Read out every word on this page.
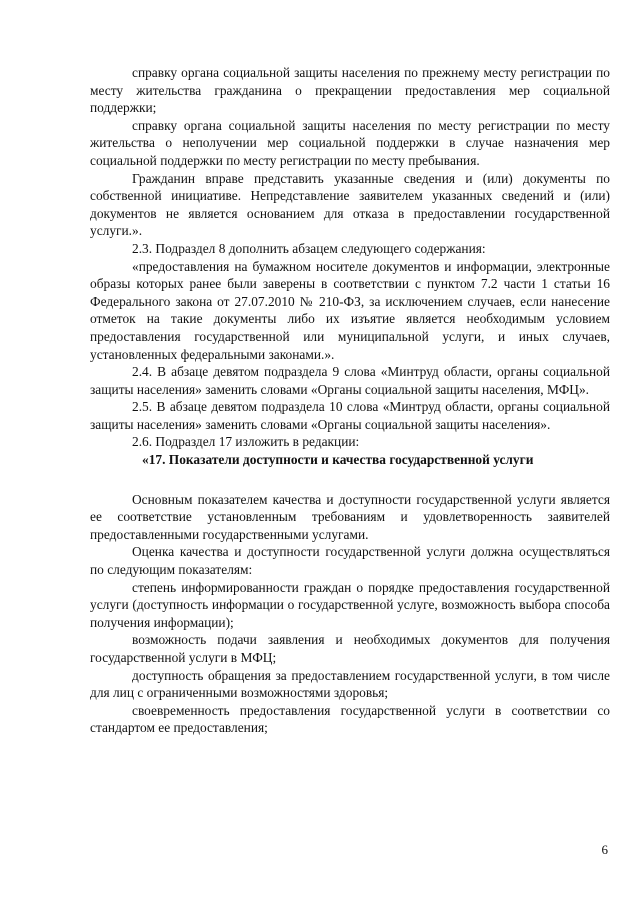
справку органа социальной защиты населения по прежнему месту регистрации по месту жительства гражданина о прекращении предоставления мер социальной поддержки;

справку органа социальной защиты населения по месту регистрации по месту жительства о неполучении мер социальной поддержки в случае назначения мер социальной поддержки по месту регистрации по месту пребывания.

Гражданин вправе представить указанные сведения и (или) документы по собственной инициативе. Непредставление заявителем указанных сведений и (или) документов не является основанием для отказа в предоставлении государственной услуги.».

2.3. Подраздел 8 дополнить абзацем следующего содержания:

«предоставления на бумажном носителе документов и информации, электронные образы которых ранее были заверены в соответствии с пунктом 7.2 части 1 статьи 16 Федерального закона от 27.07.2010 № 210-ФЗ, за исключением случаев, если нанесение отметок на такие документы либо их изъятие является необходимым условием предоставления государственной или муниципальной услуги, и иных случаев, установленных федеральными законами.».

2.4. В абзаце девятом подраздела 9 слова «Минтруд области, органы социальной защиты населения» заменить словами «Органы социальной защиты населения, МФЦ».

2.5. В абзаце девятом подраздела 10 слова «Минтруд области, органы социальной защиты населения» заменить словами «Органы социальной защиты населения».

2.6. Подраздел 17 изложить в редакции:

«17. Показатели доступности и качества государственной услуги

Основным показателем качества и доступности государственной услуги является ее соответствие установленным требованиям и удовлетворенность заявителей предоставленными государственными услугами.

Оценка качества и доступности государственной услуги должна осуществляться по следующим показателям:

степень информированности граждан о порядке предоставления государственной услуги (доступность информации о государственной услуге, возможность выбора способа получения информации);

возможность подачи заявления и необходимых документов для получения государственной услуги в МФЦ;

доступность обращения за предоставлением государственной услуги, в том числе для лиц с ограниченными возможностями здоровья;

своевременность предоставления государственной услуги в соответствии со стандартом ее предоставления;

6
